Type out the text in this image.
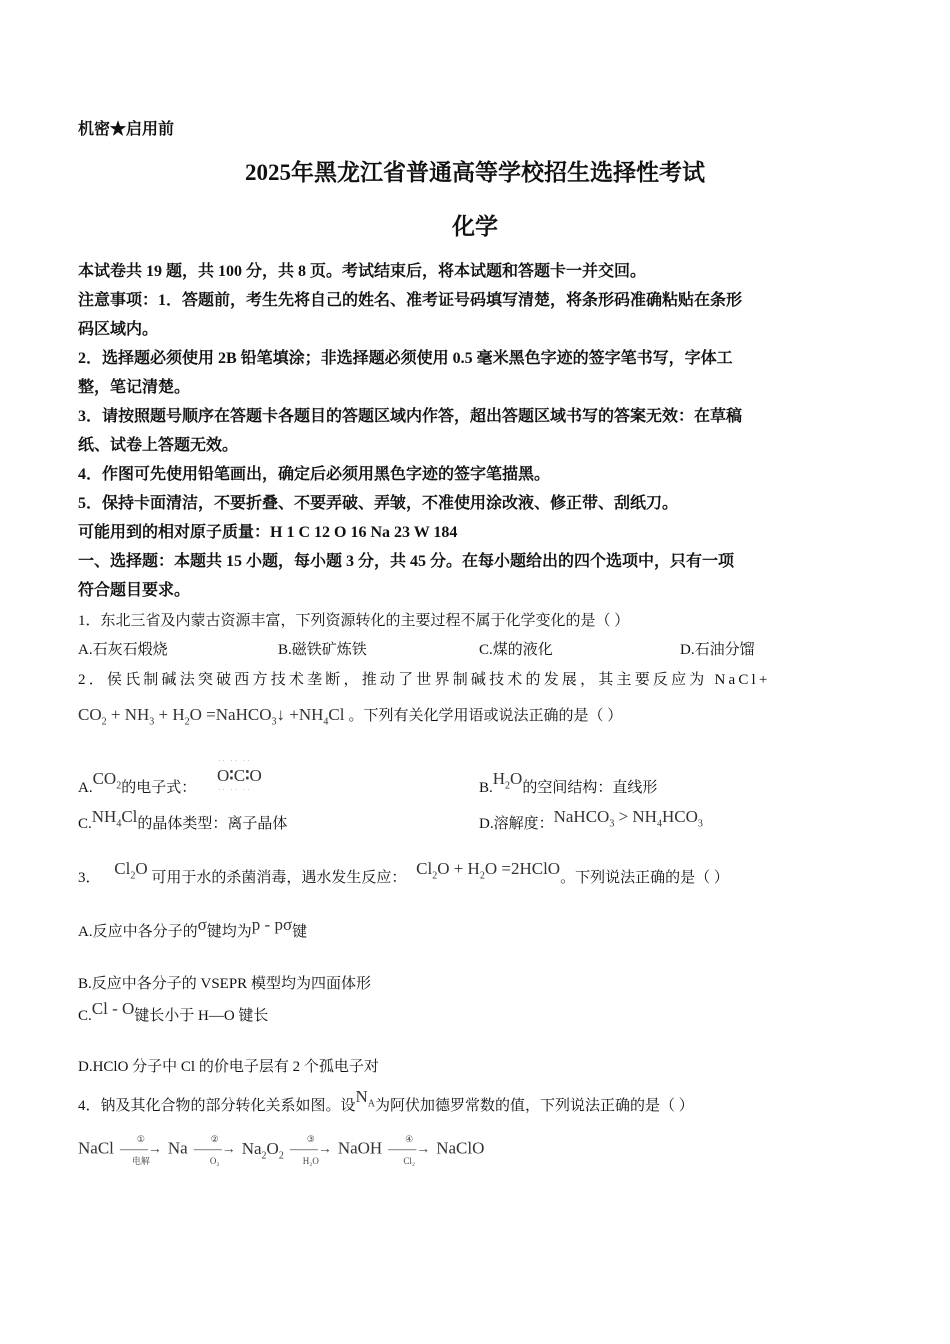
机密★启用前
2025年黑龙江省普通高等学校招生选择性考试
化学
本试卷共 19 题，共 100 分，共 8 页。考试结束后，将本试题和答题卡一并交回。
注意事项：1．答题前，考生先将自己的姓名、准考证号码填写清楚，将条形码准确粘贴在条形
码区域内。
2．选择题必须使用 2B 铅笔填涂；非选择题必须使用 0.5 毫米黑色字迹的签字笔书写，字体工
整，笔记清楚。
3．请按照题号顺序在答题卡各题目的答题区域内作答，超出答题区域书写的答案无效：在草稿
纸、试卷上答题无效。
4．作图可先使用铅笔画出，确定后必须用黑色字迹的签字笔描黑。
5．保持卡面清洁，不要折叠、不要弄破、弄皱，不准使用涂改液、修正带、刮纸刀。
可能用到的相对原子质量：H 1 C 12 O 16 Na 23 W 184
一、选择题：本题共 15 小题，每小题 3 分，共 45 分。在每小题给出的四个选项中，只有一项
符合题目要求。
1．东北三省及内蒙古资源丰富，下列资源转化的主要过程不属于化学变化的是（ ）
A.石灰石煅烧	B.磁铁矿炼铁	C.煤的液化	D.石油分馏
2．侯氏制碱法突破西方技术垄断，推动了世界制碱技术的发展，其主要反应为 NaCl+
$CO_2 + NH_3 + H_2O$ =NaHCO$_3$↓ $+NH_4Cl$ 。下列有关化学用语或说法正确的是（ ）
·· ·· ··
O∶C∶O
·· ·· ··
$A.CO_2$的电子式：	$B.H_2O$的空间结构：直线形
$C.NH_4Cl$的晶体类型：离子晶体	D.溶解度：NaHCO$_3$ > $NH_4HCO_3$
3． $Cl_2O$ 可用于水的杀菌消毒，遇水发生反应： $Cl_2O + H_2O$ =2HClO。下列说法正确的是（ ）
A.反应中各分子的σ键均为p - pσ键
B.反应中各分子的 VSEPR 模型均为四面体形
C.Cl - O键长小于 H—O 键长
D.HClO 分子中 Cl 的价电子层有 2 个孤电子对
4．钠及其化合物的部分转化关系如图。设$N_A$为阿伏加德罗常数的值，下列说法正确的是（ ）
NaCl	①
——→
电解 Na	②
——→
O₂ $Na_2O_2$ ③
——→
H₂O NaOH	④
——→
Cl₂ NaClO
